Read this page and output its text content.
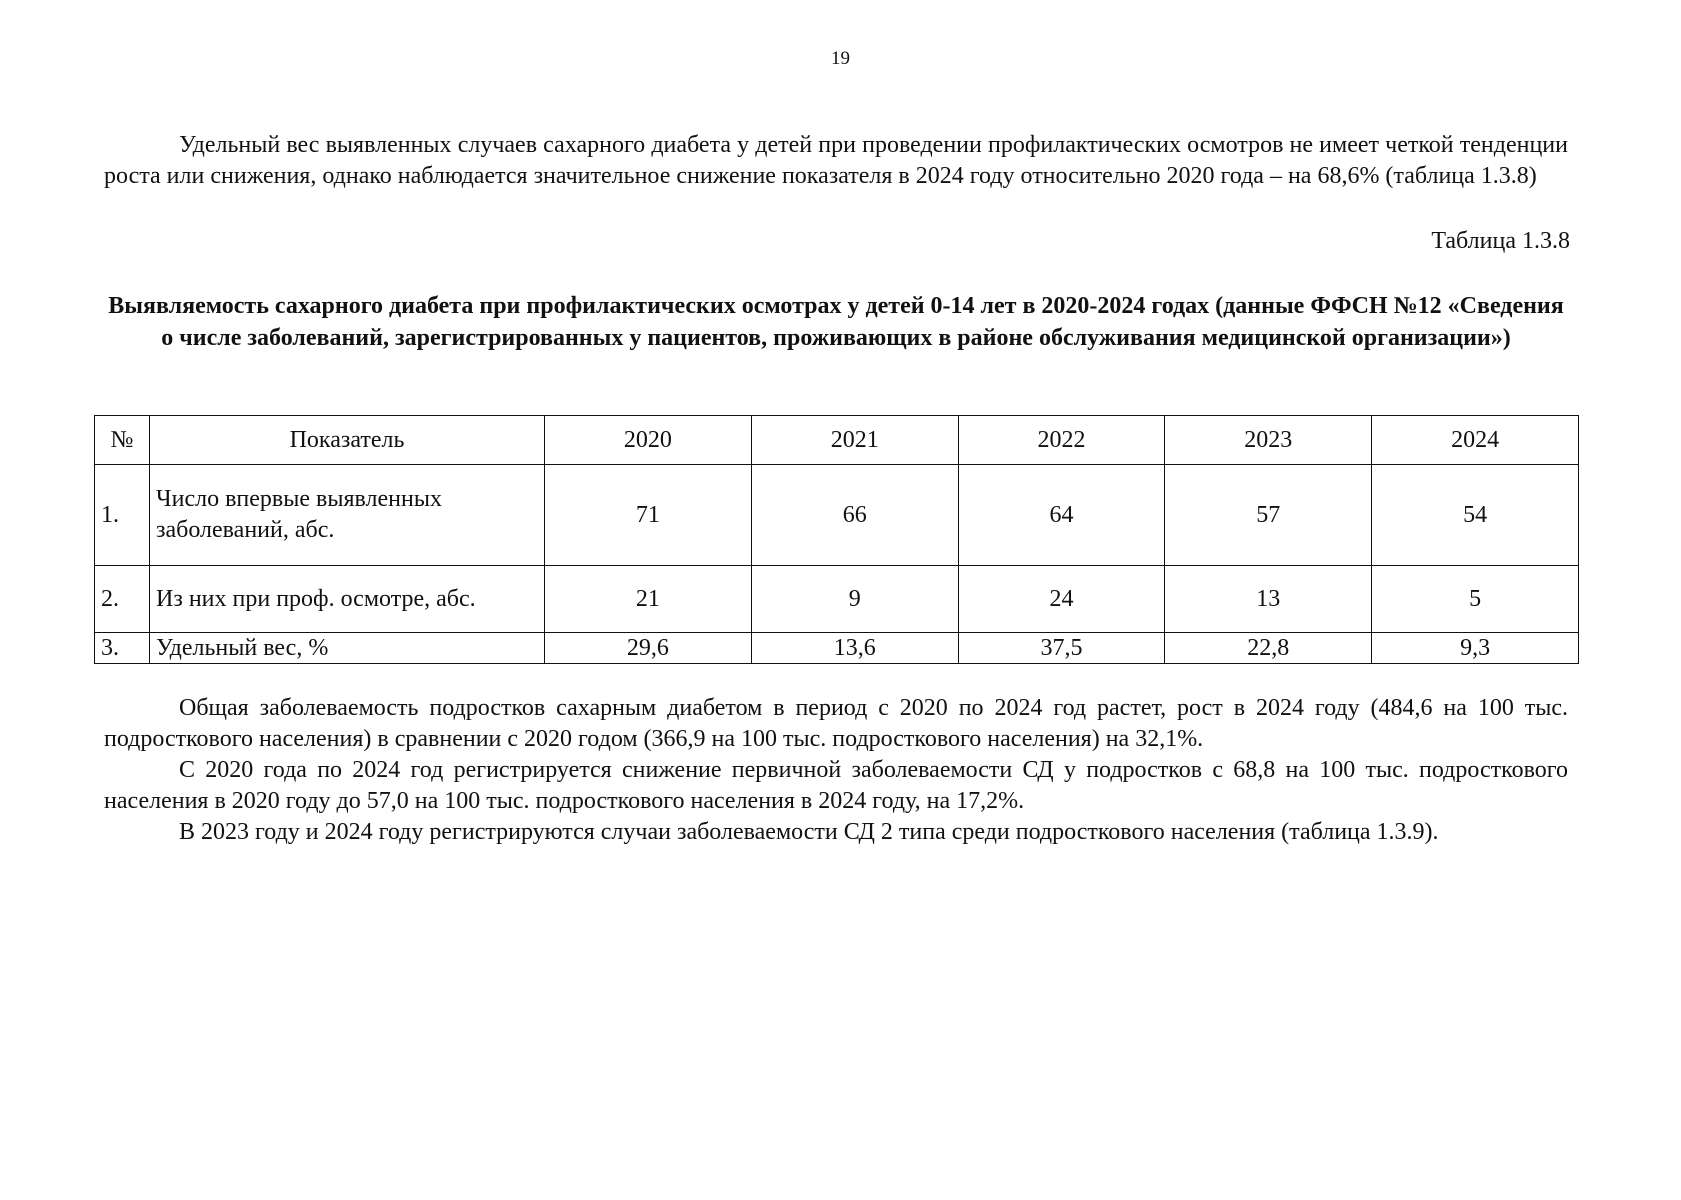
19

Удельный вес выявленных случаев сахарного диабета у детей при проведении профилактических осмотров не имеет четкой тенденции роста или снижения, однако наблюдается значительное снижение показателя в 2024 году относительно 2020 года – на 68,6% (таблица 1.3.8)

Таблица 1.3.8
Выявляемость сахарного диабета при профилактических осмотрах у детей 0-14 лет в 2020-2024 годах (данные ФФСН №12 «Сведения о числе заболеваний, зарегистрированных у пациентов, проживающих в районе обслуживания медицинской организации»)
№	Показатель	2020	2021	2022	2023	2024
1.	Число впервые выявленных заболеваний, абс.	71	66	64	57	54
2.	Из них при проф. осмотре, абс.	21	9	24	13	5
3.	Удельный вес, %	29,6	13,6	37,5	22,8	9,3

Общая заболеваемость подростков сахарным диабетом в период с 2020 по 2024 год растет, рост в 2024 году (484,6 на 100 тыс. подросткового населения) в сравнении с 2020 годом (366,9 на 100 тыс. подросткового населения) на 32,1%.

С 2020 года по 2024 год регистрируется снижение первичной заболеваемости СД у подростков с 68,8 на 100 тыс. подросткового населения в 2020 году до 57,0 на 100 тыс. подросткового населения в 2024 году, на 17,2%.

В 2023 году и 2024 году регистрируются случаи заболеваемости СД 2 типа среди подросткового населения (таблица 1.3.9).
